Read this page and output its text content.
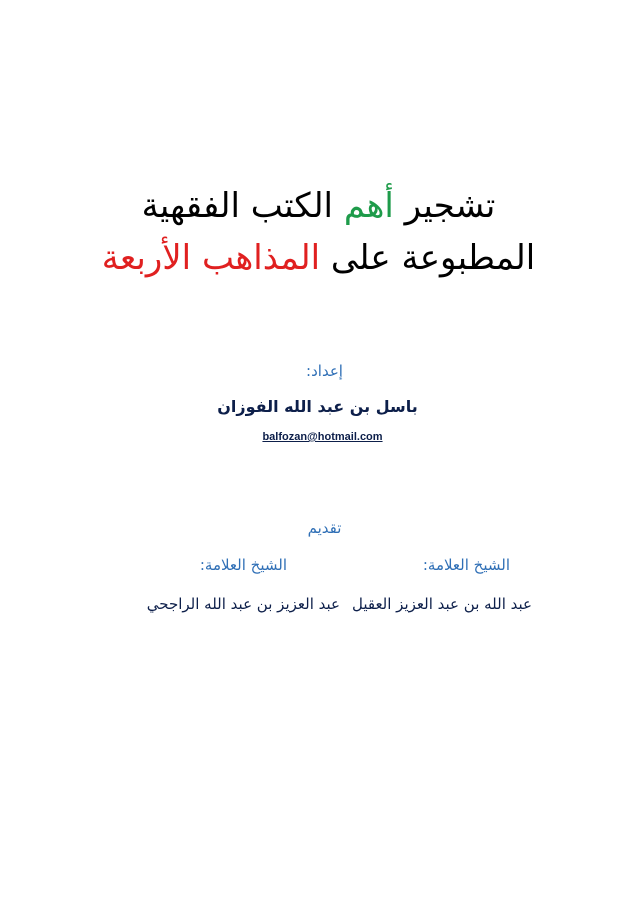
تشجير أهم الكتب الفقهية
المطبوعة على المذاهب الأربعة
إعداد:
باسل بن عبد الله الفوزان
balfozan@hotmail.com
تقديم
الشيخ العلامة:
الشيخ العلامة:
عبد الله بن عبد العزيز العقيل
عبد العزيز بن عبد الله الراجحي
